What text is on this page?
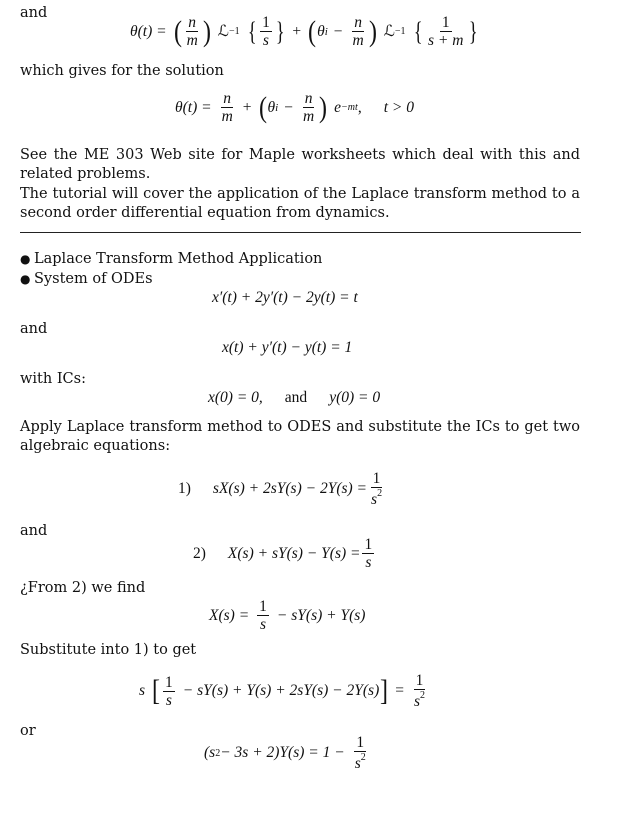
and
θ(t) = ( n
m ) ℒ −1 { 1
s } + ( θ i −
n
m ) ℒ −1 { 1
s + m }
which gives for the solution
θ(t) =
n
m
+ ( θ i −
n
m ) e −mt , t > 0
See the ME 303 Web site for Maple worksheets which deal with this and related problems.
The tutorial will cover the application of the Laplace transform method to a second order differential equation from dynamics.
● Laplace Transform Method Application
● System of ODEs
x′(t) + 2y′(t) − 2y(t) = t
and
x(t) + y′(t) − y(t) = 1
with ICs:
x(0) = 0, and y(0) = 0
Apply Laplace transform method to ODES and substitute the ICs to get two algebraic equations:
1) $sX(s) + 2sY(s) - 2Y(s) = \frac{1}{s^2}$
and
2) $X(s) + sY(s) - Y(s) = \frac{1}{s}$
¿From 2) we find
X(s) =
1
s
− sY(s) + Y(s)
Substitute into 1) to get
s [ 1
s
− sY(s) + Y(s) + 2sY(s) − 2Y(s) ] =
1
$s^2$
or
(s 2 − 3s + 2)Y(s) = 1 −
1
$s^2$
